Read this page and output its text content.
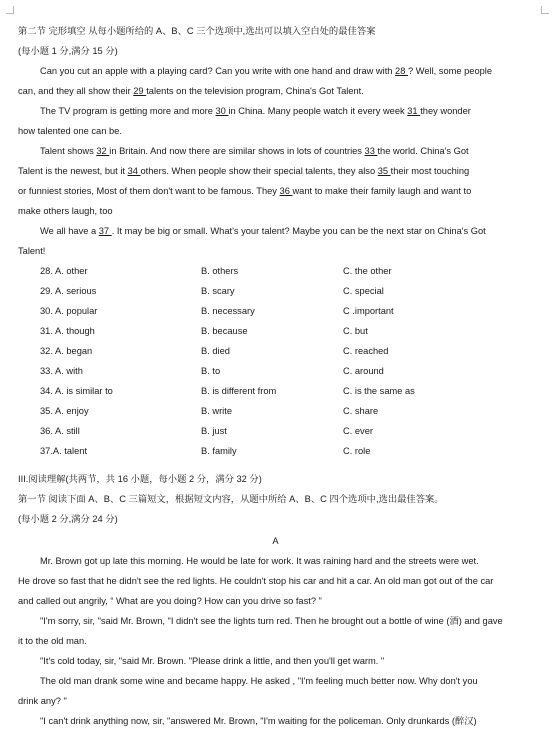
第二节 完形填空 从每小题所给的 A、B、C 三个选项中,选出可以填入空白处的最佳答案
(每小题 1 分,满分 15 分)
Can you cut an apple with a playing card? Can you write with one hand and draw with 28 ? Well, some people
can, and they all show their 29 talents on the television program, China's Got Talent.
The TV program is getting more and more 30 in China. Many people watch it every week 31 they wonder
how talented one can be.
Talent shows 32 in Britain. And now there are similar shows in lots of countries 33 the world. China's Got
Talent is the newest, but it 34 others. When people show their special talents, they also 35 their most touching
or funniest stories, Most of them don't want to be famous. They 36 want to make their family laugh and want to
make others laugh, too
We all have a 37 . It may be big or small. What's your talent? Maybe you can be the next star on China's Got
Talent!
28. A. other	B. others	C. the other
29. A. serious	B. scary	C. special
30. A. popular	B. necessary	C .important
31. A. though	B. because	C. but
32. A. began	B. died	C. reached
33. A. with	B. to	C. around
34. A. is similar to	B. is different from	C. is the same as
35. A. enjoy	B. write	C. share
36. A. still	B. just	C. ever
37.A. talent	B. family	C. role
III.阅读理解(共两节，共 16 小题，每小题 2 分，满分 32 分)
第一节 阅读下面 A、B、C 三篇短文，根据短文内容，从题中所给 A、B、C 四个选项中,选出最佳答案。
(每小题 2 分,满分 24 分)
A
Mr. Brown got up late this morning. He would be late for work. It was raining hard and the streets were wet.
He drove so fast that he didn't see the red lights. He couldn't stop his car and hit a car. An old man got out of the car
and called out angrily, “ What are you doing? How can you drive so fast? ”
"I'm sorry, sir, "said Mr. Brown, "I didn't see the lights turn red. Then he brought out a bottle of wine (酒) and gave
it to the old man.
"It's cold today, sir, "said Mr. Brown. "Please drink a little, and then you'll get warm. "
The old man drank some wine and became happy. He asked , "I'm feeling much better now. Why don't you
drink any? "
"I can't drink anything now, sir, "answered Mr. Brown, "I'm waiting for the policeman. Only drunkards (醉汉)
